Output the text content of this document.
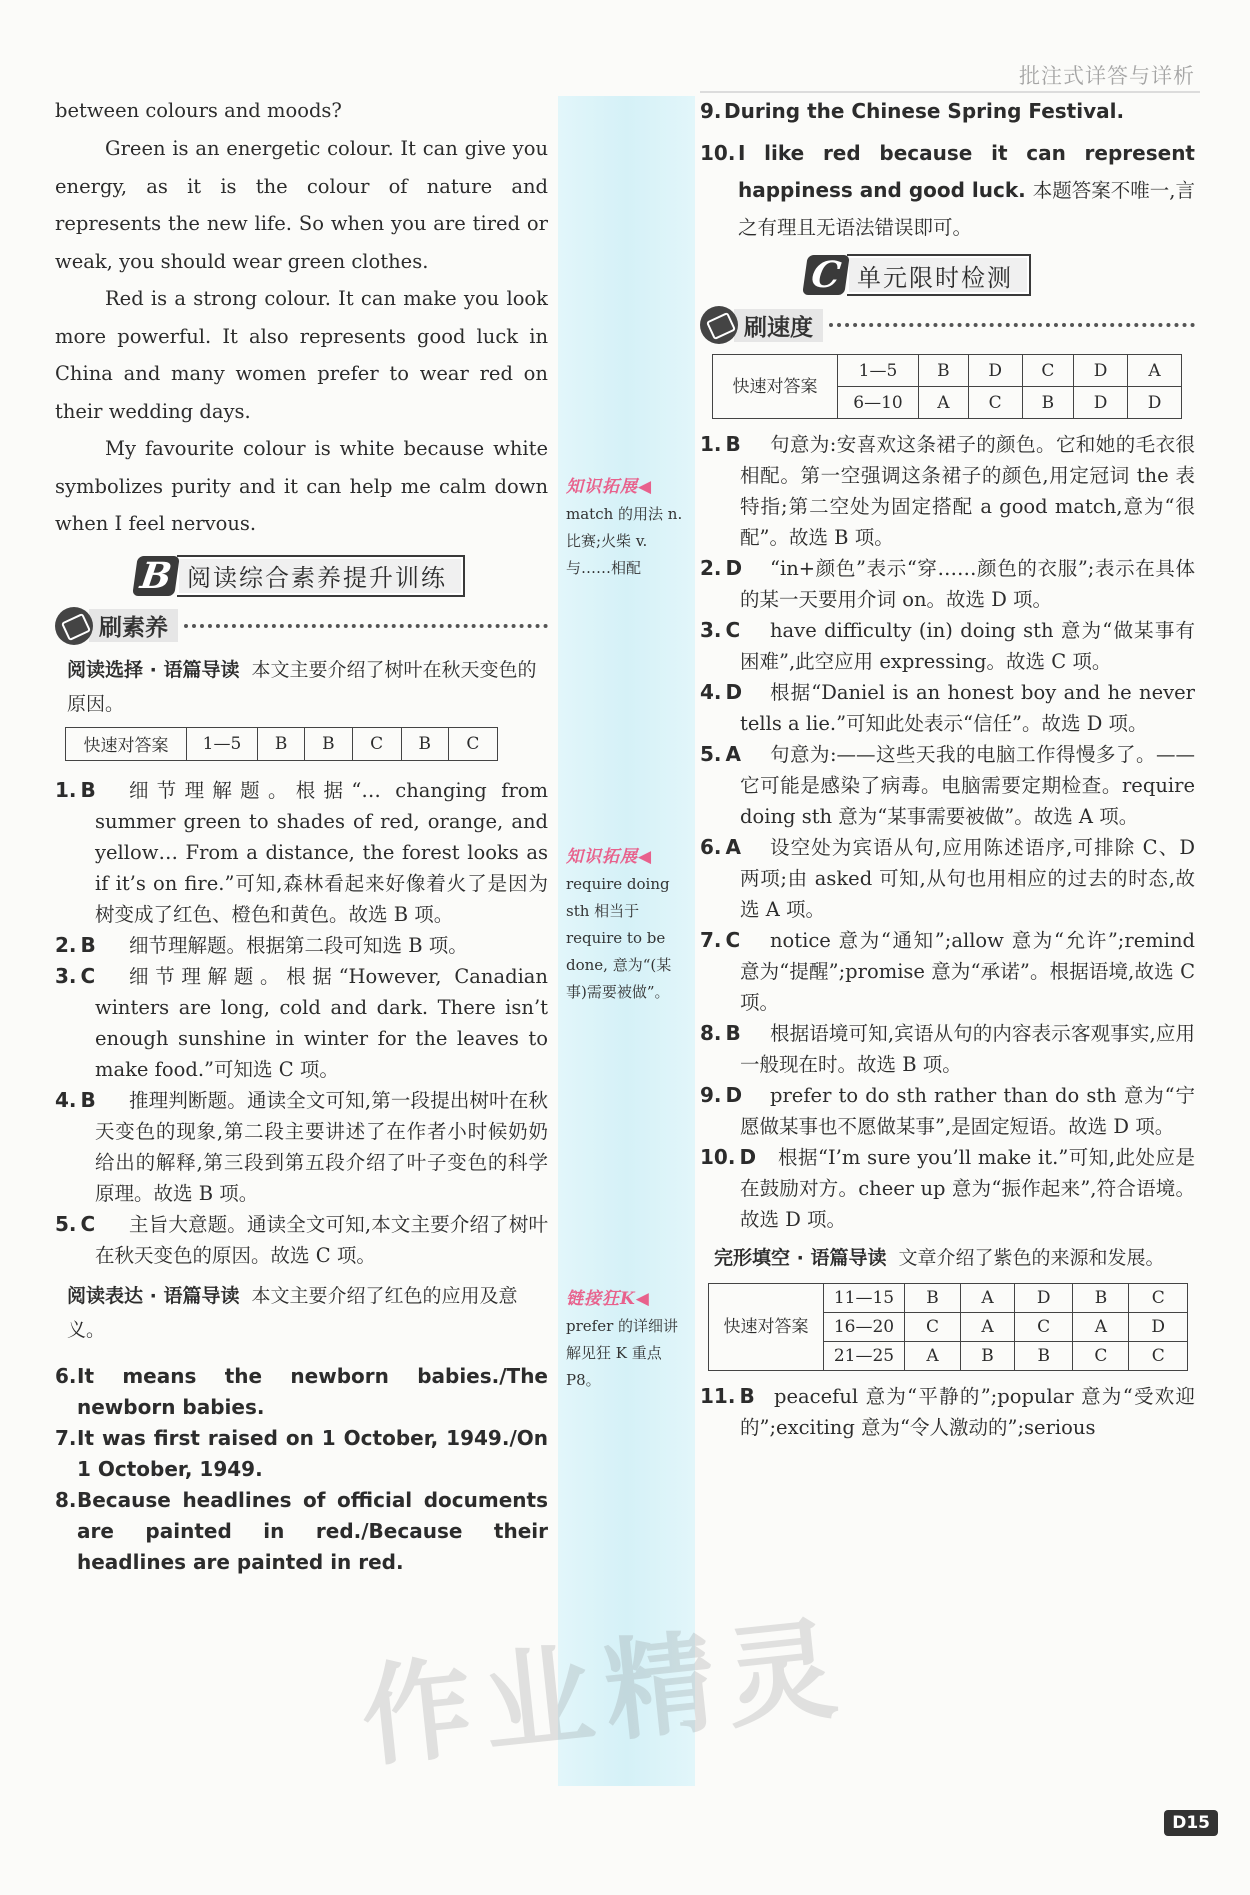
批注式详答与详析

between colours and moods?

Green is an energetic colour. It can give you energy, as it is the colour of nature and represents the new life. So when you are tired or weak, you should wear green clothes.

Red is a strong colour. It can make you look more powerful. It also represents good luck in China and many women prefer to wear red on their wedding days.

My favourite colour is white because white symbolizes purity and it can help me calm down when I feel nervous.

B 阅读综合素养提升训练
刷素养

阅读选择 · 语篇导读 本文主要介绍了树叶在秋天变色的原因。

快速对答案	1—5	B	B	C	B	C
1. B 细节理解题。根据“… changing from summer green to shades of red, orange, and yellow… From a distance, the forest looks as if it’s on fire.”可知,森林看起来好像着火了是因为树变成了红色、橙色和黄色。故选 B 项。
2. B 细节理解题。根据第二段可知选 B 项。
3. C 细节理解题。根据“However, Canadian winters are long, cold and dark. There isn’t enough sunshine in winter for the leaves to make food.”可知选 C 项。
4. B 推理判断题。通读全文可知,第一段提出树叶在秋天变色的现象,第二段主要讲述了在作者小时候奶奶给出的解释,第三段到第五段介绍了叶子变色的科学原理。故选 B 项。
5. C 主旨大意题。通读全文可知,本文主要介绍了树叶在秋天变色的原因。故选 C 项。

阅读表达 · 语篇导读 本文主要介绍了红色的应用及意义。

6. It means the newborn babies./The newborn babies.

7. It was first raised on 1 October, 1949./On 1 October, 1949.

8. Because headlines of official documents are painted in red./Because their headlines are painted in red.

知识拓展◀
match 的用法 n. 比赛;火柴 v. 与……相配
知识拓展◀
require doing sth 相当于 require to be done, 意为“(某事)需要被做”。
链接狂K◀
prefer 的详细讲解见狂 K 重点 P8。

9. During the Chinese Spring Festival.

10. I like red because it can represent happiness and good luck. 本题答案不唯一,言之有理且无语法错误即可。

C 单元限时检测
刷速度
快速对答案	1—5	B	D	C	D	A
	6—10	A	C	B	D	D
1. B 句意为:安喜欢这条裙子的颜色。它和她的毛衣很相配。第一空强调这条裙子的颜色,用定冠词 the 表特指;第二空处为固定搭配 a good match,意为“很配”。故选 B 项。
2. D “in+颜色”表示“穿……颜色的衣服”;表示在具体的某一天要用介词 on。故选 D 项。
3. C have difficulty (in) doing sth 意为“做某事有困难”,此空应用 expressing。故选 C 项。
4. D 根据“Daniel is an honest boy and he never tells a lie.”可知此处表示“信任”。故选 D 项。
5. A 句意为:——这些天我的电脑工作得慢多了。——它可能是感染了病毒。电脑需要定期检查。require doing sth 意为“某事需要被做”。故选 A 项。
6. A 设空处为宾语从句,应用陈述语序,可排除 C、D 两项;由 asked 可知,从句也用相应的过去的时态,故选 A 项。
7. C notice 意为“通知”;allow 意为“允许”;remind 意为“提醒”;promise 意为“承诺”。根据语境,故选 C 项。
8. B 根据语境可知,宾语从句的内容表示客观事实,应用一般现在时。故选 B 项。
9. D prefer to do sth rather than do sth 意为“宁愿做某事也不愿做某事”,是固定短语。故选 D 项。
10. D 根据“I’m sure you’ll make it.”可知,此处应是在鼓励对方。cheer up 意为“振作起来”,符合语境。故选 D 项。

完形填空 · 语篇导读 文章介绍了紫色的来源和发展。

快速对答案	11—15	B	A	D	B	C
	16—20	C	A	C	A	D
	21—25	A	B	B	C	C
11. B peaceful 意为“平静的”;popular 意为“受欢迎的”;exciting 意为“令人激动的”;serious
作业精灵
D15
